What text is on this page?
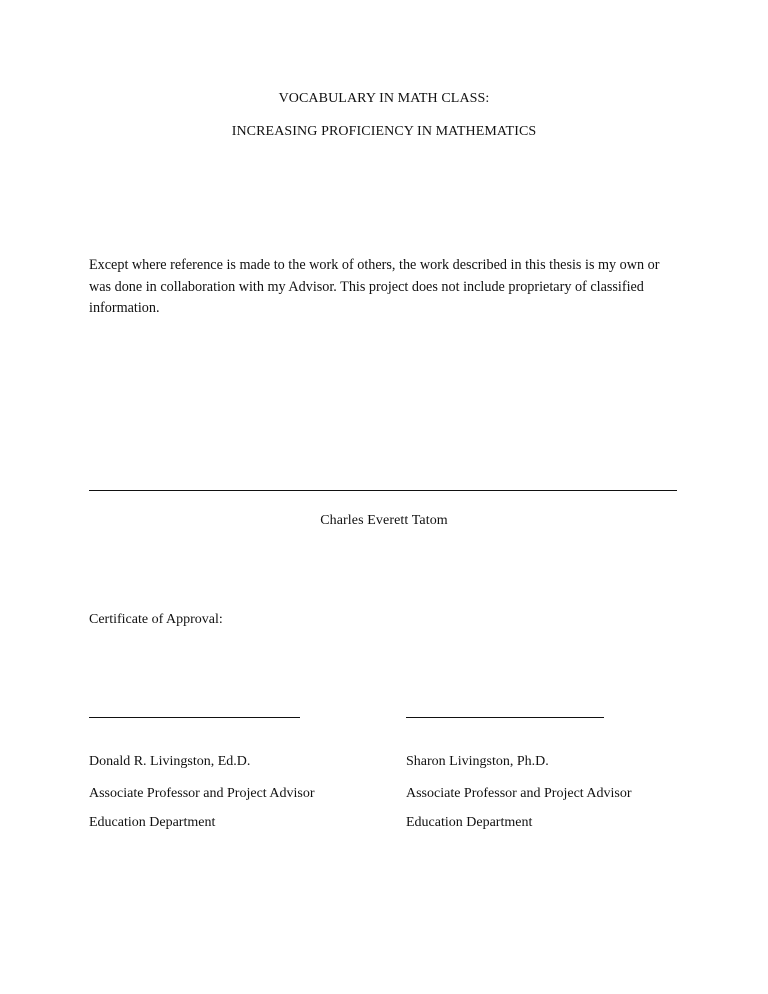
VOCABULARY IN MATH CLASS:
INCREASING PROFICIENCY IN MATHEMATICS
Except where reference is made to the work of others, the work described in this thesis is my own or was done in collaboration with my Advisor. This project does not include proprietary of classified information.
Charles Everett Tatom
Certificate of Approval:
Donald R. Livingston, Ed.D.
Associate Professor and Project Advisor
Education Department
Sharon Livingston, Ph.D.
Associate Professor and Project Advisor
Education Department
